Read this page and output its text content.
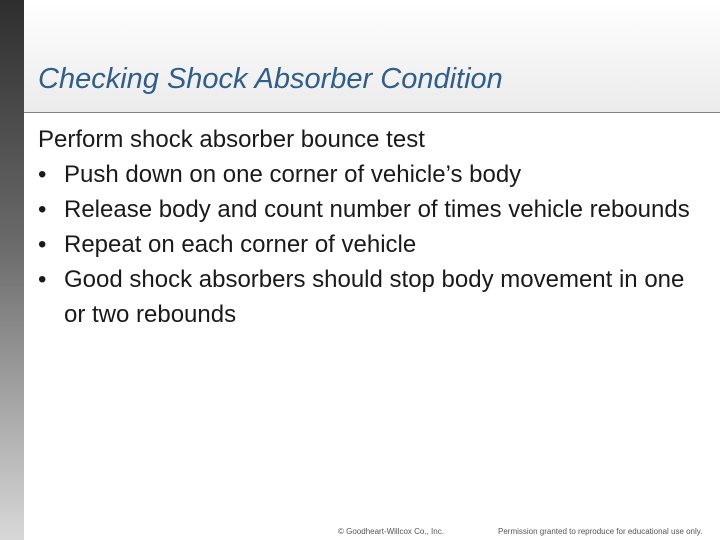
Checking Shock Absorber Condition

Perform shock absorber bounce test

• Push down on one corner of vehicle’s body
• Release body and count number of times vehicle rebounds
• Repeat on each corner of vehicle
• Good shock absorbers should stop body movement in one or two rebounds
© Goodheart-Willcox Co., Inc.	Permission granted to reproduce for educational use only.
